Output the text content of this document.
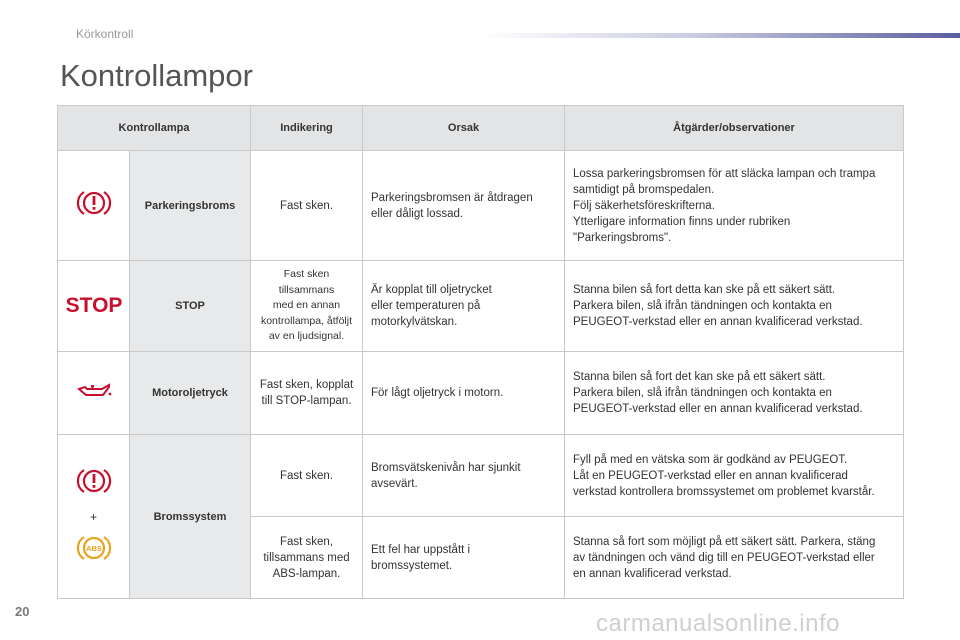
Körkontroll
Kontrollampor
Kontrollampa		Indikering	Orsak	Åtgärder/observationer
	Parkeringsbroms	Fast sken.	Parkeringsbromsen är åtdragen
eller dåligt lossad.	Lossa parkeringsbromsen för att släcka lampan och trampa
samtidigt på bromspedalen.
Följ säkerhetsföreskrifterna.
Ytterligare information finns under rubriken
"Parkeringsbroms".

STOP	STOP	Fast sken
tillsammans
med en annan
kontrollampa, åtföljt
av en ljudsignal.	Är kopplat till oljetrycket
eller temperaturen på
motorkylvätskan.	Stanna bilen så fort detta kan ske på ett säkert sätt.
Parkera bilen, slå ifrån tändningen och kontakta en
PEUGEOT-verkstad eller en annan kvalificerad verkstad.
	Motoroljetryck	Fast sken, kopplat
till STOP-lampan.	För lågt oljetryck i motorn.	Stanna bilen så fort det kan ske på ett säkert sätt.
Parkera bilen, slå ifrån tändningen och kontakta en
PEUGEOT-verkstad eller en annan kvalificerad verkstad.

+
ABS	Bromssystem	Fast sken.	Bromsvätskenivån har sjunkit
avsevärt.	Fyll på med en vätska som är godkänd av PEUGEOT.
Låt en PEUGEOT-verkstad eller en annan kvalificerad
verkstad kontrollera bromssystemet om problemet kvarstår.
		Fast sken,
tillsammans med
ABS-lampan.	Ett fel har uppstått i
bromssystemet.	Stanna så fort som möjligt på ett säkert sätt. Parkera, stäng
av tändningen och vänd dig till en PEUGEOT-verkstad eller
en annan kvalificerad verkstad.
20	carmanualsonline.info
